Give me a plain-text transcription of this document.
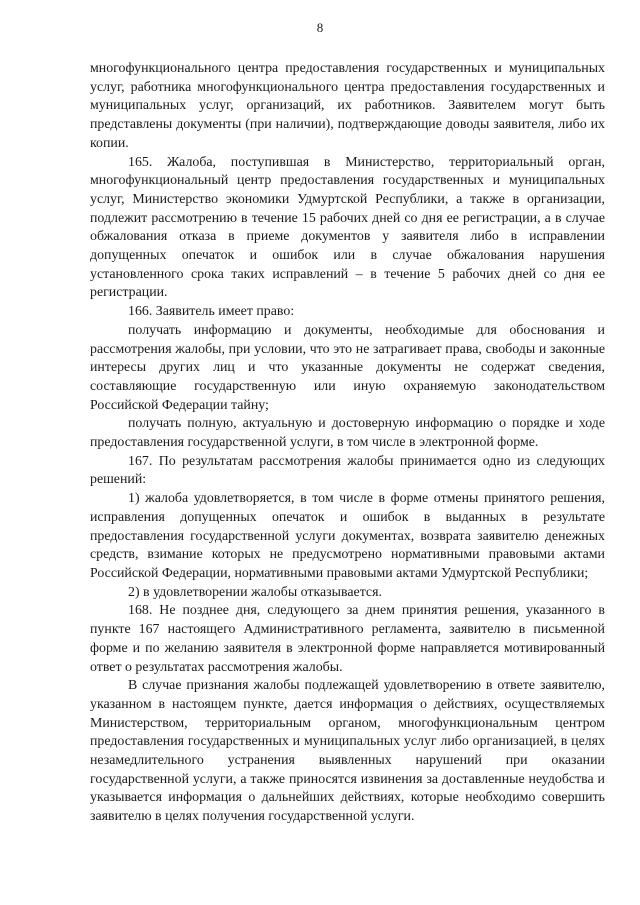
8

многофункционального центра предоставления государственных и муниципальных услуг, работника многофункционального центра предоставления государственных и муниципальных услуг, организаций, их работников. Заявителем могут быть представлены документы (при наличии), подтверждающие доводы заявителя, либо их копии.

165. Жалоба, поступившая в Министерство, территориальный орган, многофункциональный центр предоставления государственных и муниципальных услуг, Министерство экономики Удмуртской Республики, а также в организации, подлежит рассмотрению в течение 15 рабочих дней со дня ее регистрации, а в случае обжалования отказа в приеме документов у заявителя либо в исправлении допущенных опечаток и ошибок или в случае обжалования нарушения установленного срока таких исправлений – в течение 5 рабочих дней со дня ее регистрации.

166. Заявитель имеет право:

получать информацию и документы, необходимые для обоснования и рассмотрения жалобы, при условии, что это не затрагивает права, свободы и законные интересы других лиц и что указанные документы не содержат сведения, составляющие государственную или иную охраняемую законодательством Российской Федерации тайну;

получать полную, актуальную и достоверную информацию о порядке и ходе предоставления государственной услуги, в том числе в электронной форме.

167. По результатам рассмотрения жалобы принимается одно из следующих решений:

1) жалоба удовлетворяется, в том числе в форме отмены принятого решения, исправления допущенных опечаток и ошибок в выданных в результате предоставления государственной услуги документах, возврата заявителю денежных средств, взимание которых не предусмотрено нормативными правовыми актами Российской Федерации, нормативными правовыми актами Удмуртской Республики;

2) в удовлетворении жалобы отказывается.

168. Не позднее дня, следующего за днем принятия решения, указанного в пункте 167 настоящего Административного регламента, заявителю в письменной форме и по желанию заявителя в электронной форме направляется мотивированный ответ о результатах рассмотрения жалобы.

В случае признания жалобы подлежащей удовлетворению в ответе заявителю, указанном в настоящем пункте, дается информация о действиях, осуществляемых Министерством, территориальным органом, многофункциональным центром предоставления государственных и муниципальных услуг либо организацией, в целях незамедлительного устранения выявленных нарушений при оказании государственной услуги, а также приносятся извинения за доставленные неудобства и указывается информация о дальнейших действиях, которые необходимо совершить заявителю в целях получения государственной услуги.
